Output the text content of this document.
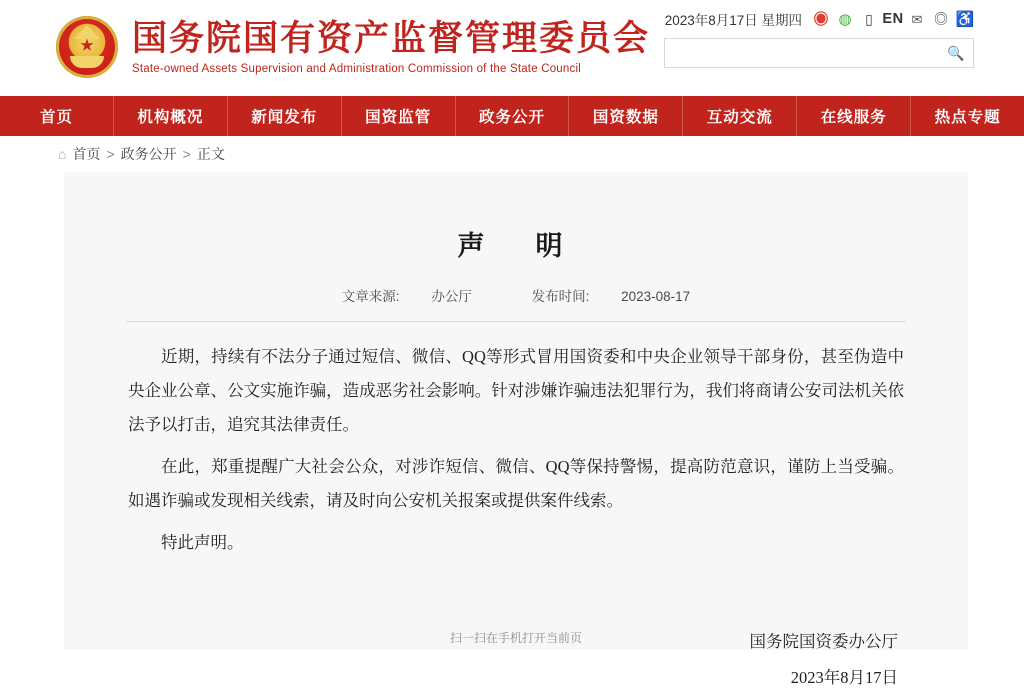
★ 国务院国有资产监督管理委员会
State-owned Assets Supervision and Administration Commission of the State Council
2023年8月17日 星期四 ◉ ◍ ▯ EN ✉ ◎ ♿
🔍
首页	机构概况	新闻发布	国资监管	政务公开	国资数据	互动交流	在线服务	热点专题
⌂ 首页 > 政务公开 > 正文
声　明
文章来源: 办公厅	发布时间: 2023-08-17

近期，持续有不法分子通过短信、微信、QQ等形式冒用国资委和中央企业领导干部身份，甚至伪造中央企业公章、公文实施诈骗，造成恶劣社会影响。针对涉嫌诈骗违法犯罪行为，我们将商请公安司法机关依法予以打击，追究其法律责任。

在此，郑重提醒广大社会公众，对涉诈短信、微信、QQ等保持警惕，提高防范意识，谨防上当受骗。如遇诈骗或发现相关线索，请及时向公安机关报案或提供案件线索。

特此声明。

国务院国资委办公厅
2023年8月17日
扫一扫在手机打开当前页
